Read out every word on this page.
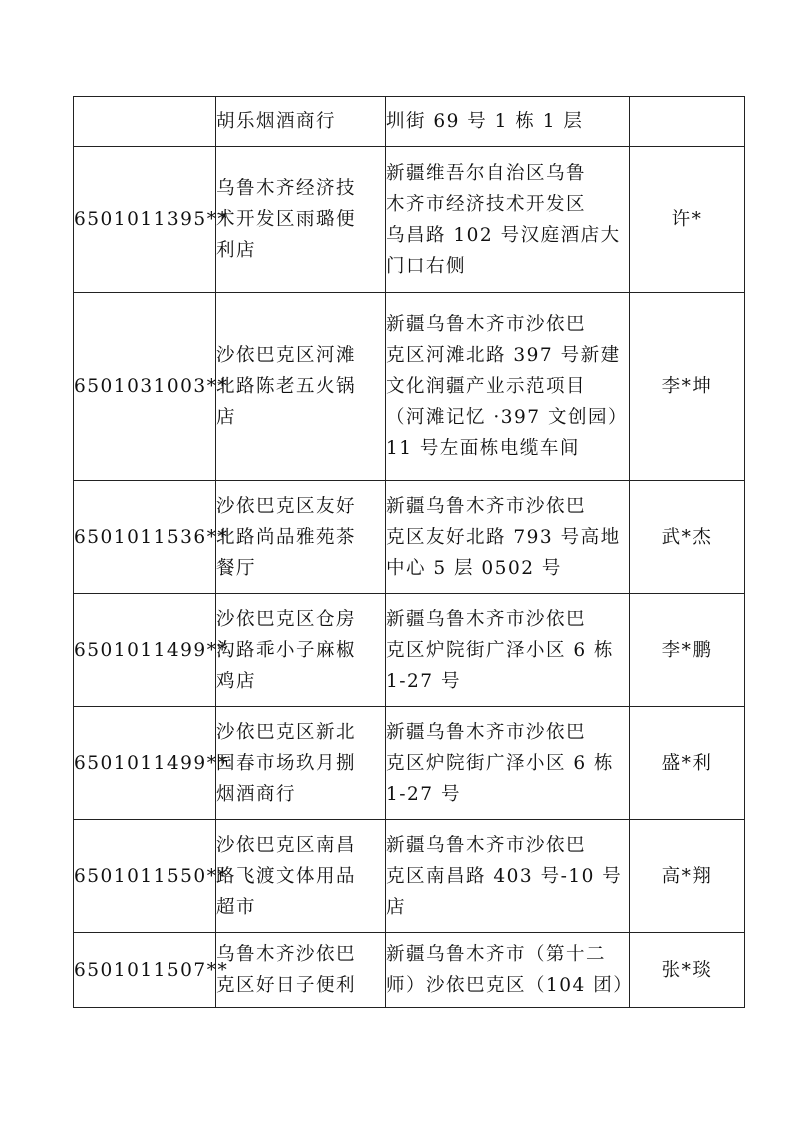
	胡乐烟酒商行	圳街 69 号 1 栋 1 层	

6501011395**	乌鲁木齐经济技
术开发区雨璐便
利店	新疆维吾尔自治区乌鲁
木齐市经济技术开发区
乌昌路 102 号汉庭酒店大
门口右侧	许*
6501031003**	沙依巴克区河滩
北路陈老五火锅
店	新疆乌鲁木齐市沙依巴
克区河滩北路 397 号新建
文化润疆产业示范项目
（河滩记忆 ·397 文创园）
11 号左面栋电缆车间	李*坤
6501011536**	沙依巴克区友好
北路尚品雅苑茶
餐厅	新疆乌鲁木齐市沙依巴
克区友好北路 793 号高地
中心 5 层 0502 号	武*杰
6501011499**	沙依巴克区仓房
沟路乖小子麻椒
鸡店	新疆乌鲁木齐市沙依巴
克区炉院街广泽小区 6 栋
1-27 号	李*鹏
6501011499**	沙依巴克区新北
园春市场玖月捌
烟酒商行	新疆乌鲁木齐市沙依巴
克区炉院街广泽小区 6 栋
1-27 号	盛*利
6501011550**	沙依巴克区南昌
路飞渡文体用品
超市	新疆乌鲁木齐市沙依巴
克区南昌路 403 号-10 号
店	高*翔
6501011507**	乌鲁木齐沙依巴
克区好日子便利	新疆乌鲁木齐市（第十二
师）沙依巴克区（104 团）	张*琰
